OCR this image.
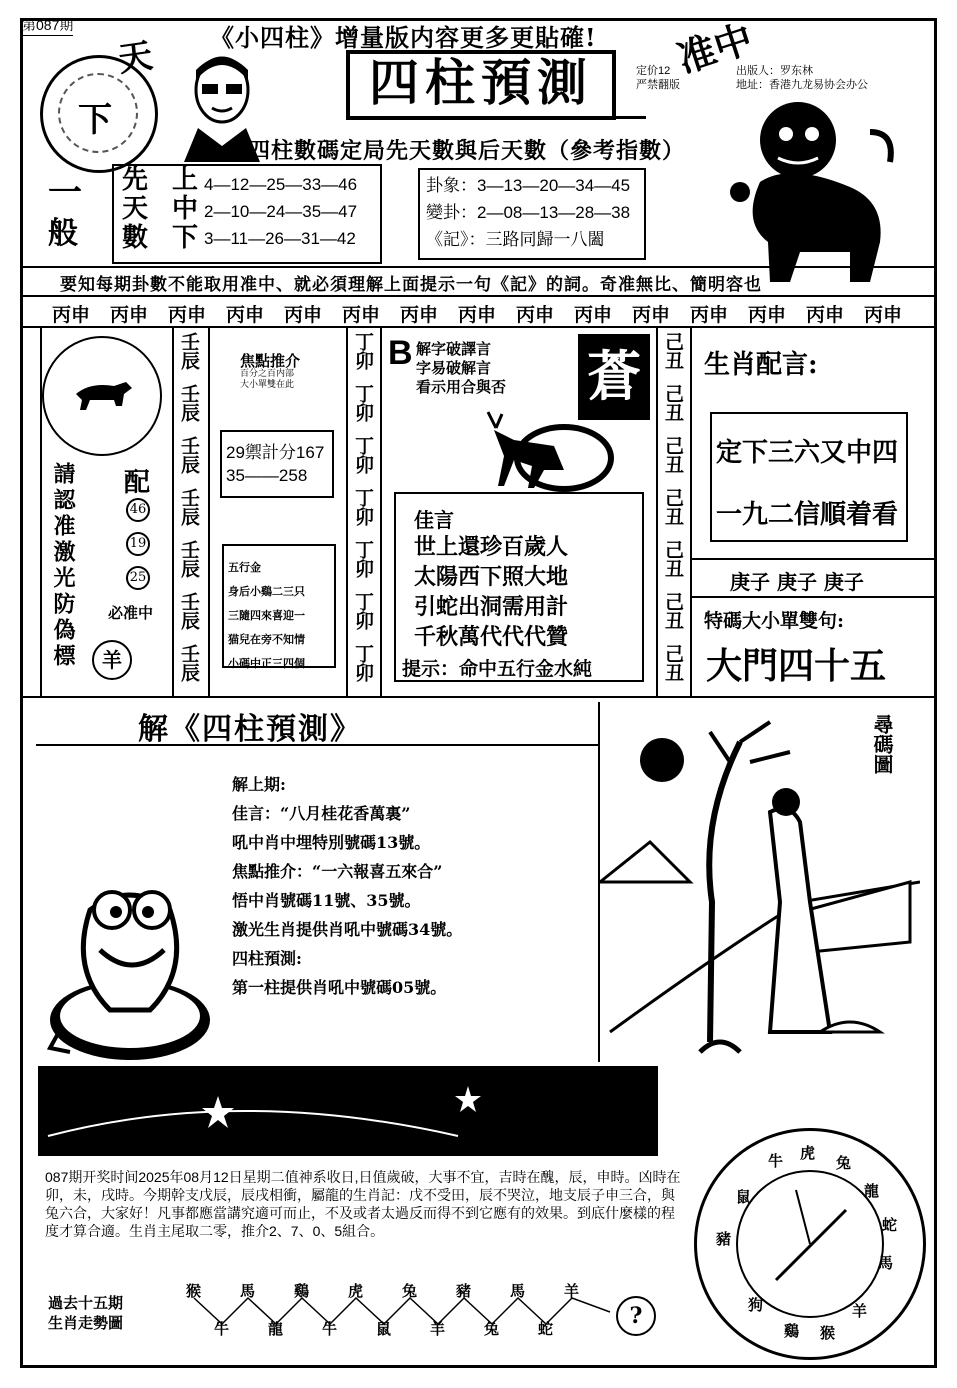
第087期	《小四柱》增量版内容更多更貼確!
天
下
一
般
四柱預測	定价12
严禁翻版
出版人：罗东林
地址：香港九龙易协会办公
准中
四柱數碼定局先天數與后天數（參考指數）
先
天
數
上
中
下
4—12—25—33—46
2—10—24—35—47
3—11—26—31—42
卦象：3—13—20—34—45
變卦：2—08—13—28—38
《記》：三路同歸一八闔
要知每期卦數不能取用准中、就必須理解上面提示一句《記》的詞。奇准無比、簡明容也
丙申 丙申 丙申 丙申 丙申 丙申 丙申 丙申 丙申 丙申 丙申 丙申 丙申 丙申 丙申
請認准激光防偽標 配
46
19
25
必准中
羊
壬辰
壬辰
壬辰
壬辰
壬辰
壬辰
壬辰
焦點推介
百分之百内部
大小單雙在此
29禦計分167
35——258
五行金
身后小鷄二三只
三隨四來喜迎一
猫兒在旁不知情
小碼中正三四個
丁卯
丁卯
丁卯
丁卯
丁卯
丁卯
丁卯
B 解字破譯言
字易破解言
看示用合與否 蒼
佳言
世上還珍百歲人
太陽西下照大地
引蛇出洞需用計
千秋萬代代代贊
提示：命中五行金水純
己丑
己丑
己丑
己丑
己丑
己丑
己丑
生肖配言:
定下三六又中四
一九二信順着看
庚子 庚子 庚子
特碼大小單雙句:
大門四十五
解《四柱預測》
解上期:
佳言：“八月桂花香萬裏”
吼中肖中埋特別號碼13號。
焦點推介：“一六報喜五來合”
悟中肖號碼11號、35號。
激光生肖提供肖吼中號碼34號。
四柱預測:
第一柱提供肖吼中號碼05號。
尋碼圖
猜中必中 百發百中
087期开奖时间2025年08月12日星期二值神系收日,日值歲破，大事不宜，吉時在醜，辰，申時。凶時在卯，未，戌時。今期幹支戊辰，辰戌相衝，屬龍的生肖記：戊不受田，辰不哭泣，地支辰子申三合，與兔六合，大家好！凡事都應當講究適可而止，不及或者太過反而得不到它應有的效果。到底什麼樣的程度才算合適。生肖主尾取二零，推介2、7、0、5組合。
過去十五期
生肖走勢圖
猴	馬	鷄	虎	兔	豬	馬	羊
牛	龍	牛	鼠	羊	兔	蛇	?
牛 虎
兔
龍
蛇
馬
羊
猴
鷄
狗
豬
鼠
